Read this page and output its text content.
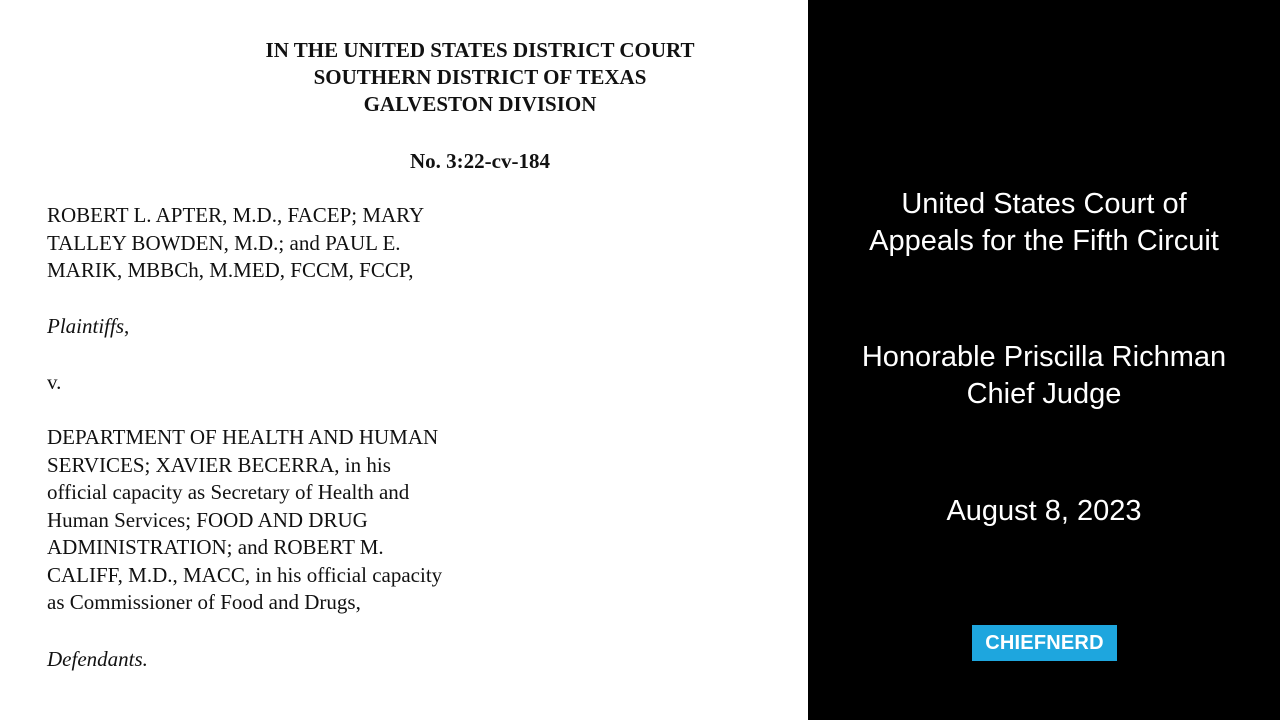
IN THE UNITED STATES DISTRICT COURT
SOUTHERN DISTRICT OF TEXAS
GALVESTON DIVISION
No. 3:22-cv-184
ROBERT L. APTER, M.D., FACEP; MARY
TALLEY BOWDEN, M.D.; and PAUL E.
MARIK, MBBCh, M.MED, FCCM, FCCP,
Plaintiffs,
v.
DEPARTMENT OF HEALTH AND HUMAN
SERVICES; XAVIER BECERRA, in his
official capacity as Secretary of Health and
Human Services; FOOD AND DRUG
ADMINISTRATION; and ROBERT M.
CALIFF, M.D., MACC, in his official capacity
as Commissioner of Food and Drugs,
Defendants.
United States Court of
Appeals for the Fifth Circuit
Honorable Priscilla Richman
Chief Judge
August 8, 2023
CHIEFNERD
